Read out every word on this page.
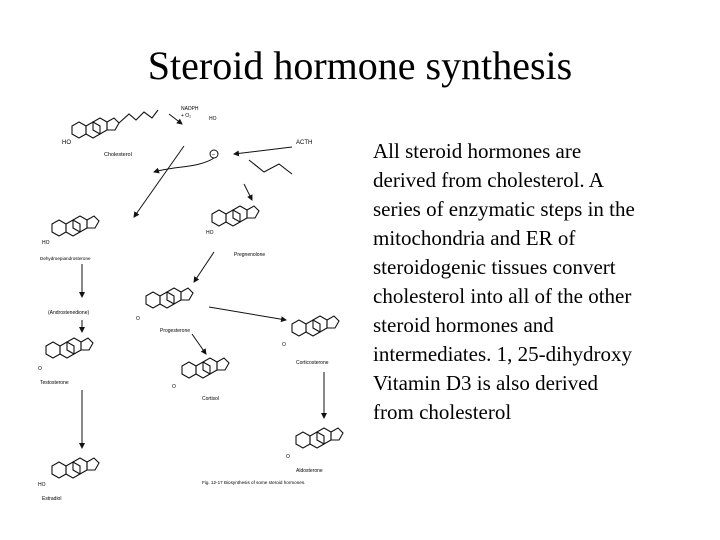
Steroid hormone synthesis
HO
Cholesterol
NADPH
+ O₂	HO
ACTH
−
HO
Pregnenolone
HO
Dehydroepiandrosterone
(Androstenedione)
O
Progesterone
O
Testosterone
O
Corticosterone
O
Cortisol
HO
Estradiol
O
Aldosterone
Fig. 12-17 Biosynthesis of some steroid hormones.
All steroid hormones are
derived from cholesterol. A
series of enzymatic steps in the
mitochondria and ER of
steroidogenic tissues convert
cholesterol into all of the other
steroid hormones and
intermediates. 1, 25-dihydroxy
Vitamin D3 is also derived
from cholesterol
